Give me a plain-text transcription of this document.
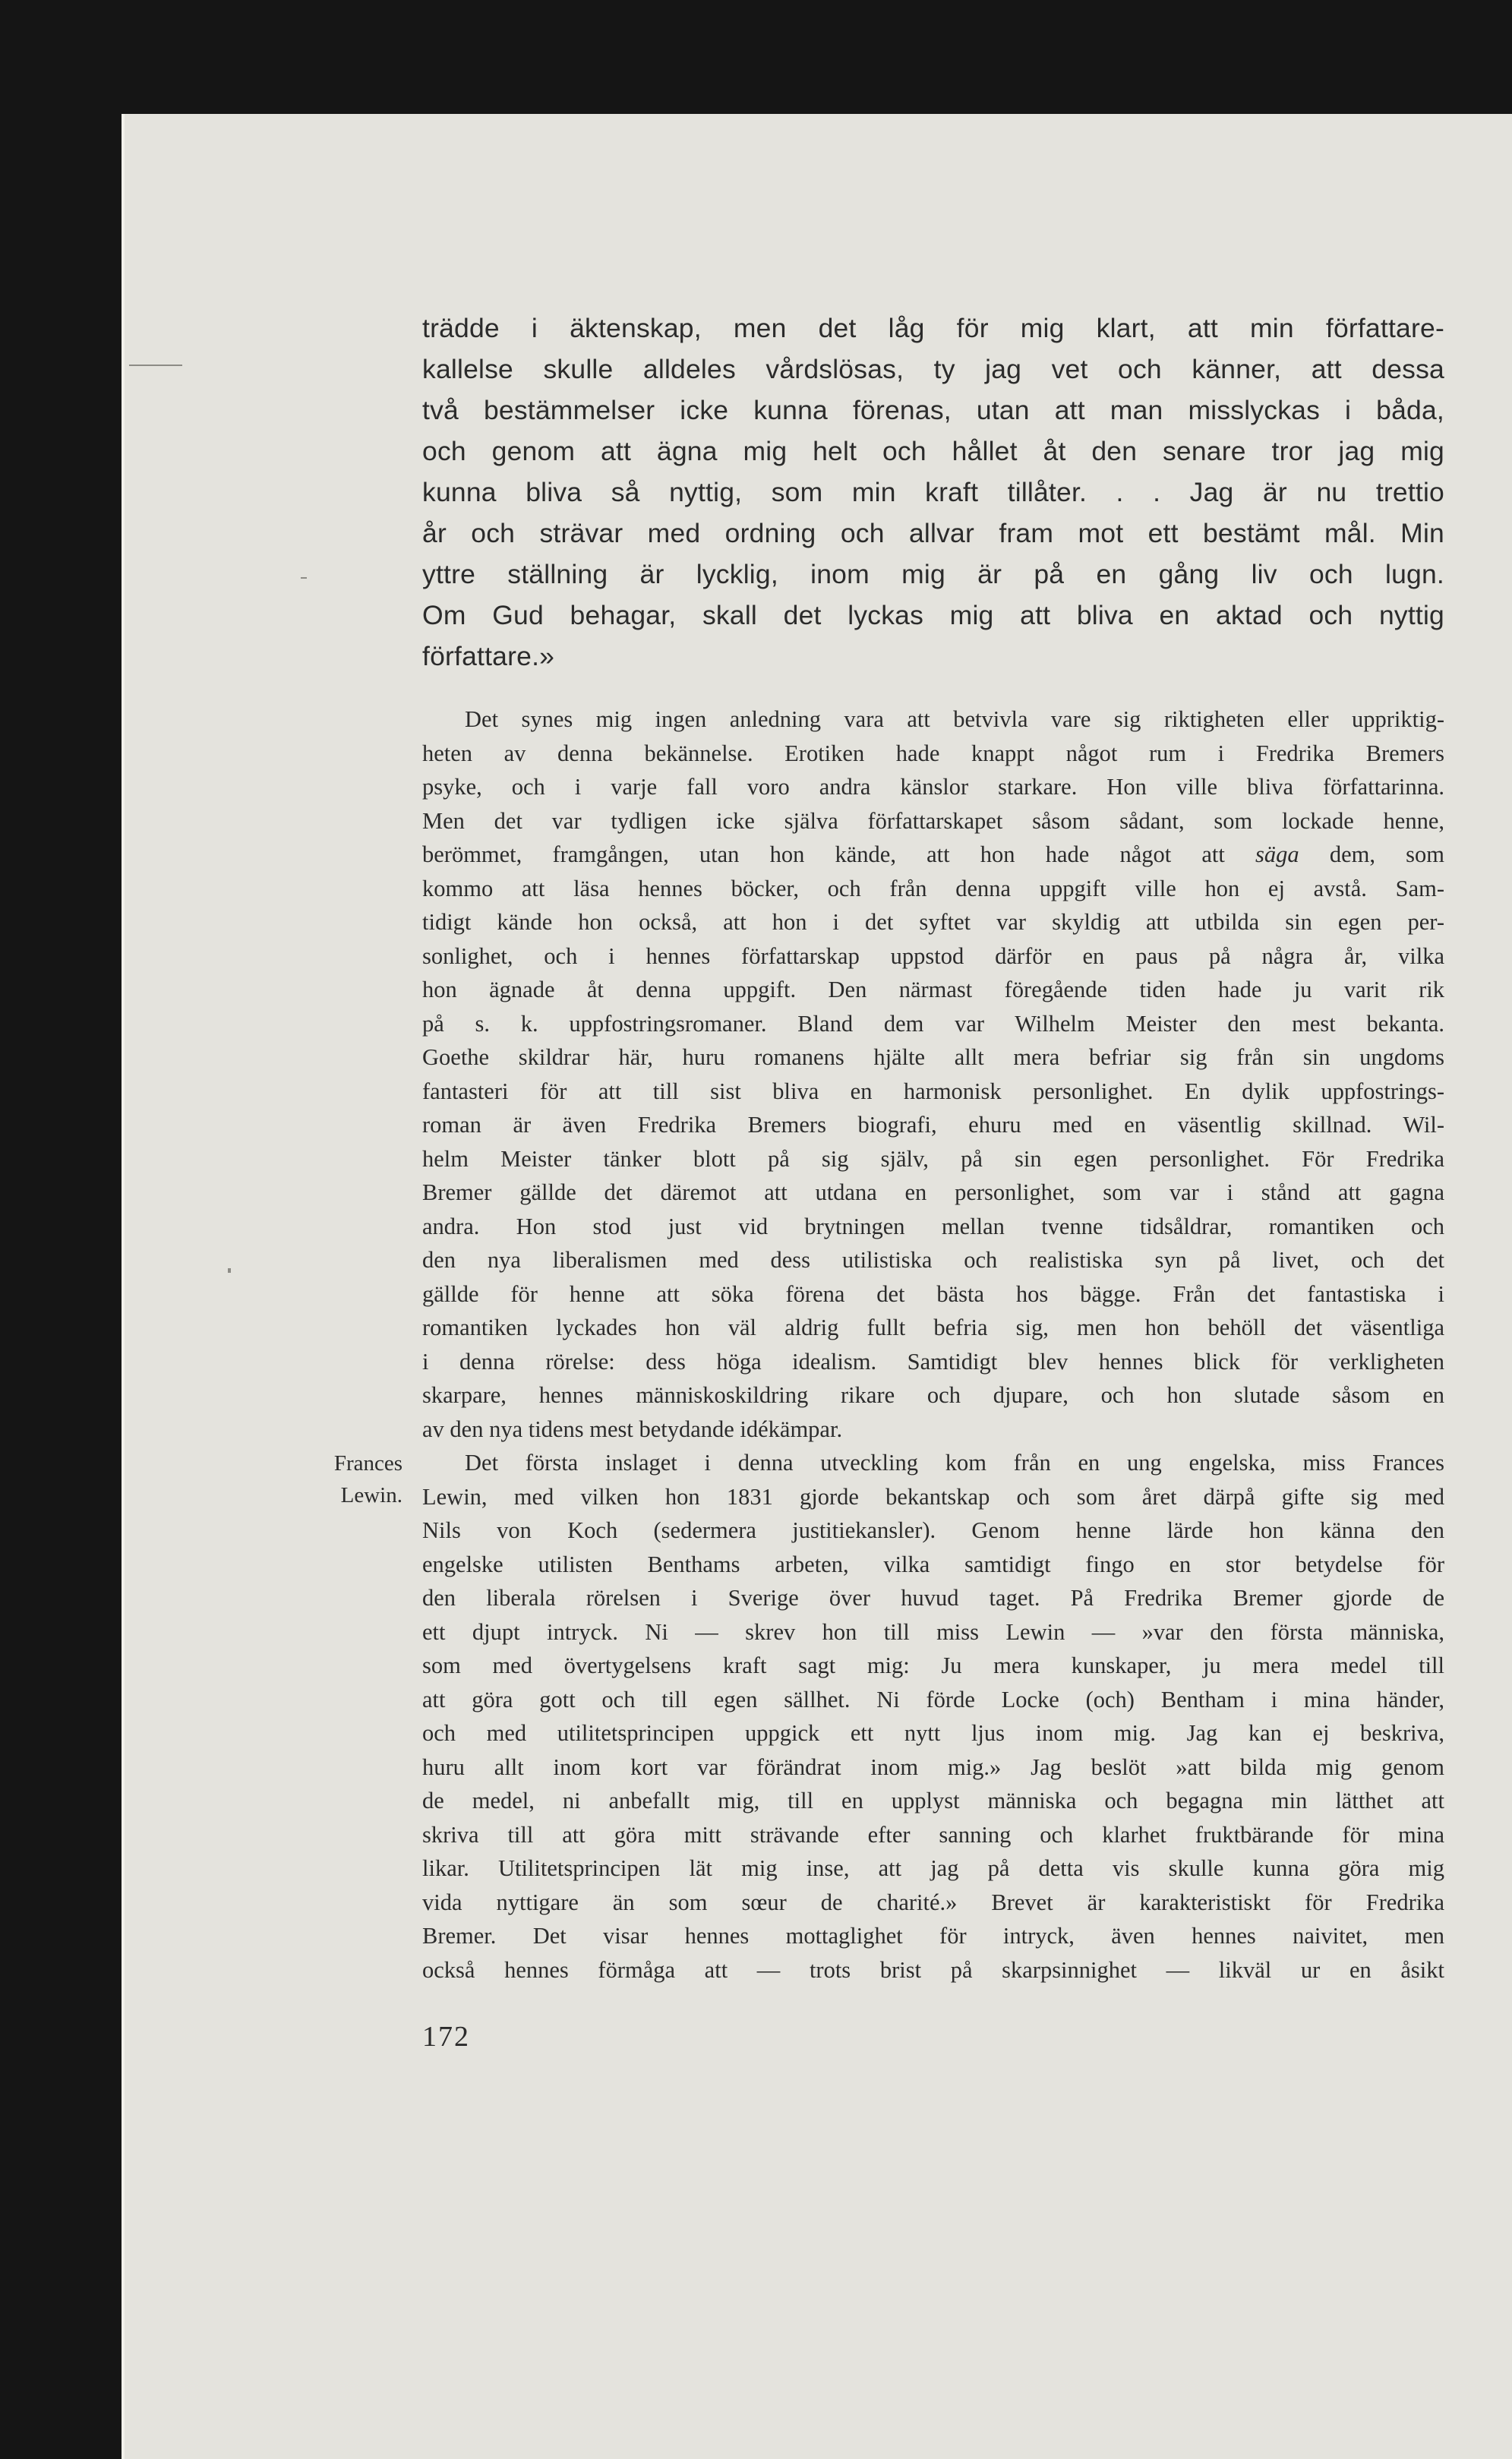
trädde i äktenskap, men det låg för mig klart, att min författare-
kallelse skulle alldeles vårdslösas, ty jag vet och känner, att dessa
två bestämmelser icke kunna förenas, utan att man misslyckas i båda,
och genom att ägna mig helt och hållet åt den senare tror jag mig
kunna bliva så nyttig, som min kraft tillåter. . . Jag är nu trettio
år och strävar med ordning och allvar fram mot ett bestämt mål. Min
yttre ställning är lycklig, inom mig är på en gång liv och lugn.
Om Gud behagar, skall det lyckas mig att bliva en aktad och nyttig
författare.»
Det synes mig ingen anledning vara att betvivla vare sig riktigheten eller uppriktig-
heten av denna bekännelse. Erotiken hade knappt något rum i Fredrika Bremers
psyke, och i varje fall voro andra känslor starkare. Hon ville bliva författarinna.
Men det var tydligen icke själva författarskapet såsom sådant, som lockade henne,
berömmet, framgången, utan hon kände, att hon hade något att säga dem, som
kommo att läsa hennes böcker, och från denna uppgift ville hon ej avstå. Sam-
tidigt kände hon också, att hon i det syftet var skyldig att utbilda sin egen per-
sonlighet, och i hennes författarskap uppstod därför en paus på några år, vilka
hon ägnade åt denna uppgift. Den närmast föregående tiden hade ju varit rik
på s. k. uppfostringsromaner. Bland dem var Wilhelm Meister den mest bekanta.
Goethe skildrar här, huru romanens hjälte allt mera befriar sig från sin ungdoms
fantasteri för att till sist bliva en harmonisk personlighet. En dylik uppfostrings-
roman är även Fredrika Bremers biografi, ehuru med en väsentlig skillnad. Wil-
helm Meister tänker blott på sig själv, på sin egen personlighet. För Fredrika
Bremer gällde det däremot att utdana en personlighet, som var i stånd att gagna
andra. Hon stod just vid brytningen mellan tvenne tidsåldrar, romantiken och
den nya liberalismen med dess utilistiska och realistiska syn på livet, och det
gällde för henne att söka förena det bästa hos bägge. Från det fantastiska i
romantiken lyckades hon väl aldrig fullt befria sig, men hon behöll det väsentliga
i denna rörelse: dess höga idealism. Samtidigt blev hennes blick för verkligheten
skarpare, hennes människoskildring rikare och djupare, och hon slutade såsom en
av den nya tidens mest betydande idékämpar.
Det första inslaget i denna utveckling kom från en ung engelska, miss Frances
Lewin, med vilken hon 1831 gjorde bekantskap och som året därpå gifte sig med
Nils von Koch (sedermera justitiekansler). Genom henne lärde hon känna den
engelske utilisten Benthams arbeten, vilka samtidigt fingo en stor betydelse för
den liberala rörelsen i Sverige över huvud taget. På Fredrika Bremer gjorde de
ett djupt intryck. Ni — skrev hon till miss Lewin — »var den första människa,
som med övertygelsens kraft sagt mig: Ju mera kunskaper, ju mera medel till
att göra gott och till egen sällhet. Ni förde Locke (och) Bentham i mina händer,
och med utilitetsprincipen uppgick ett nytt ljus inom mig. Jag kan ej beskriva,
huru allt inom kort var förändrat inom mig.» Jag beslöt »att bilda mig genom
de medel, ni anbefallt mig, till en upplyst människa och begagna min lätthet att
skriva till att göra mitt strävande efter sanning och klarhet fruktbärande för mina
likar. Utilitetsprincipen lät mig inse, att jag på detta vis skulle kunna göra mig
vida nyttigare än som sœur de charité.» Brevet är karakteristiskt för Fredrika
Bremer. Det visar hennes mottaglighet för intryck, även hennes naivitet, men
också hennes förmåga att — trots brist på skarpsinnighet — likväl ur en åsikt
Frances
Lewin.
172
